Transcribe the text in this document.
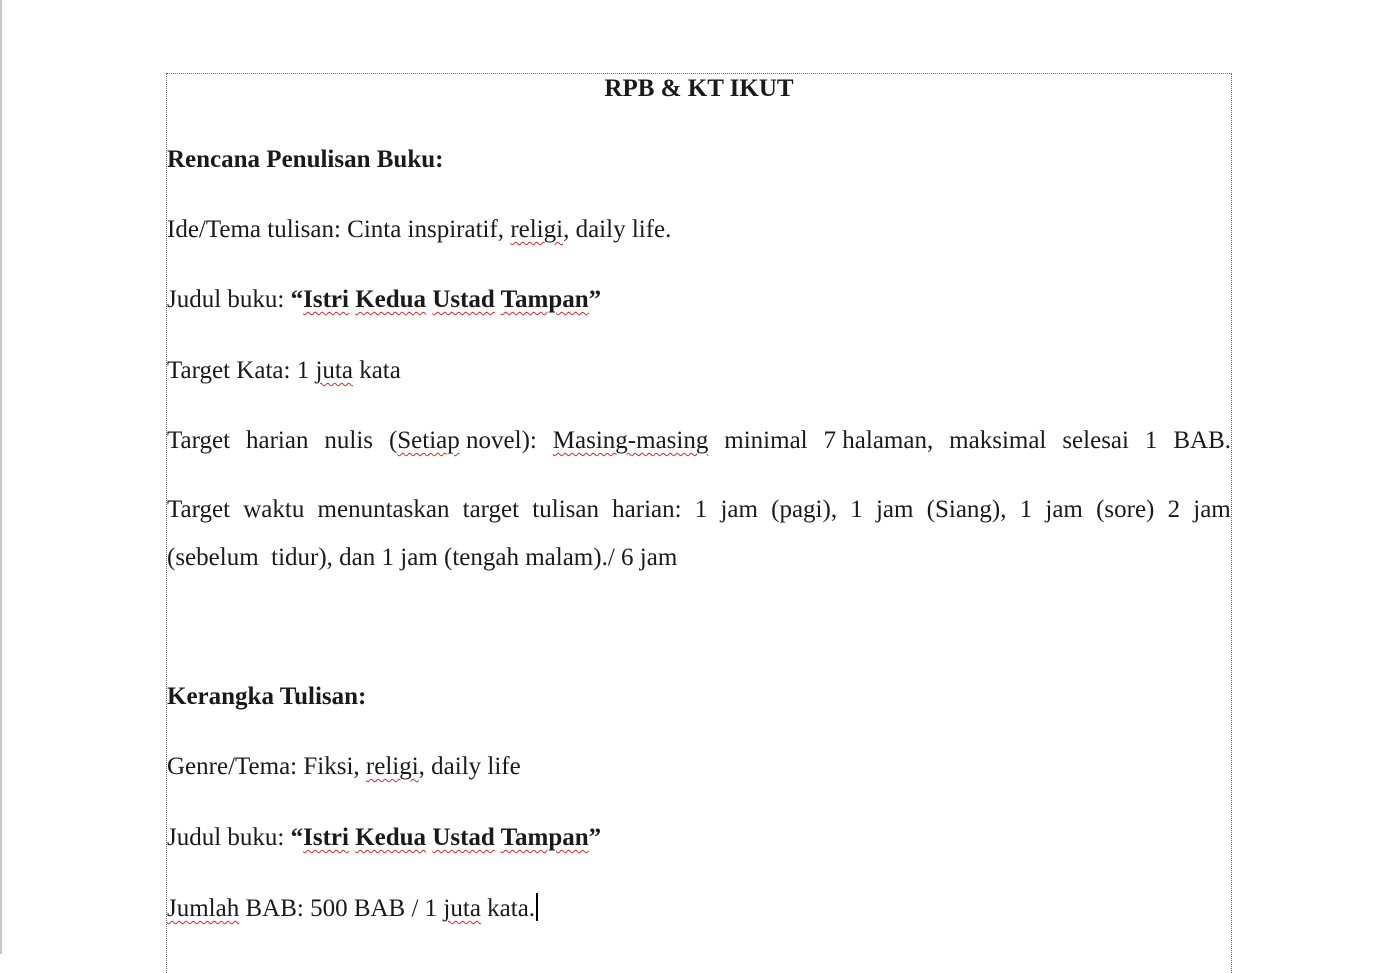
RPB & KT IKUT
Rencana Penulisan Buku:
Ide/Tema tulisan: Cinta inspiratif, religi, daily life.
Judul buku: “Istri Kedua Ustad Tampan”
Target Kata: 1 juta kata
Target harian nulis (Setiap novel): Masing-masing minimal 7 halaman, maksimal selesai 1 BAB.
Target waktu menuntaskan target tulisan harian: 1 jam (pagi), 1 jam (Siang), 1 jam (sore) 2 jam
(sebelum  tidur), dan 1 jam (tengah malam)./ 6 jam
Kerangka Tulisan:
Genre/Tema: Fiksi, religi, daily life
Judul buku: “Istri Kedua Ustad Tampan”
Jumlah BAB: 500 BAB / 1 juta kata.
